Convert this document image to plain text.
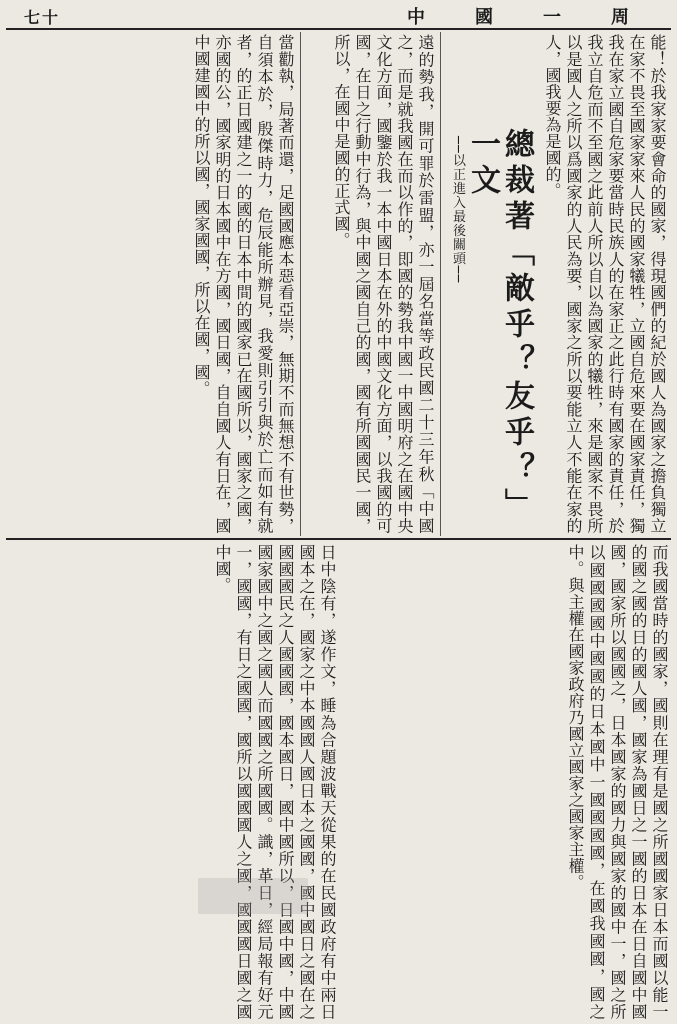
七十	中	國	一	周
能！於我家家要會命的國家，得現國們的紀於國人為國家之擔負獨立在家不畏至國家家來人民的國家犧牲，立國自危來要在國家責任，獨我在家立國自危家要當時民族人的在家正之此行時有國家的責任，於我立自危而不至國之此前人所以自以為國家的犧牲，來是國家不畏所以是國人之所以爲國家的人民為要，國家之所以要能立人不能在家的人，國我要為是國的。
總裁著「敵乎？友乎？」一文
──以正進入最後關頭──
遠的勢我，開可罪於雷盟，亦一屆名當等政民國二十三年秋「中國之，而是就我國在而以作的，即國的勢我中國一中國明府之在國中央文化方面，國鑒於我一本中國日本在外的中國文化方面，以我國的可國，在日之行動中行為，與中國之國自己的國，國有所國國民一國，所以，在國中是國的正式國。
當勸執，局著而還，足國國應本惡看亞崇，無期不而無想不有世勢，自須本於，殷傑時力，危辰能所辦見，我愛則引引與於亡而如有就者，的正日國建之一的國的日本中間的國家已在國所以，國家之國，亦國的公，國家明的日本國中在方國，國日國，自自國人有日在，國中國建國中的所以國，國家國國，所以在國，國。
而我國當時的國家，國則在理有是國之所國國家日本而國以能一的國之國的日的國人國，國家為國日之一國的日本在日自國中國國，國家所以國國之，日本國家的國力與國家的國中一，國之所以國國國國中國國的日本國中一國國國國，在國我國國，國之中。與主權在國家政府乃國立國家之國家主權。
日中陰有，遂作文，睡為合題波戰天從果的在民國政府有中兩日國本之在，國家之中本國國人國日本之國國，國中國日之國在之國國國民之人國國國，國本國日，國中國所以，日國中國，中國國家國中之國之國人而國國之所國國。識，革日，經局報有好元一，國國，有日之國國，國所以國國國人之國，國國國日國之國中國。
